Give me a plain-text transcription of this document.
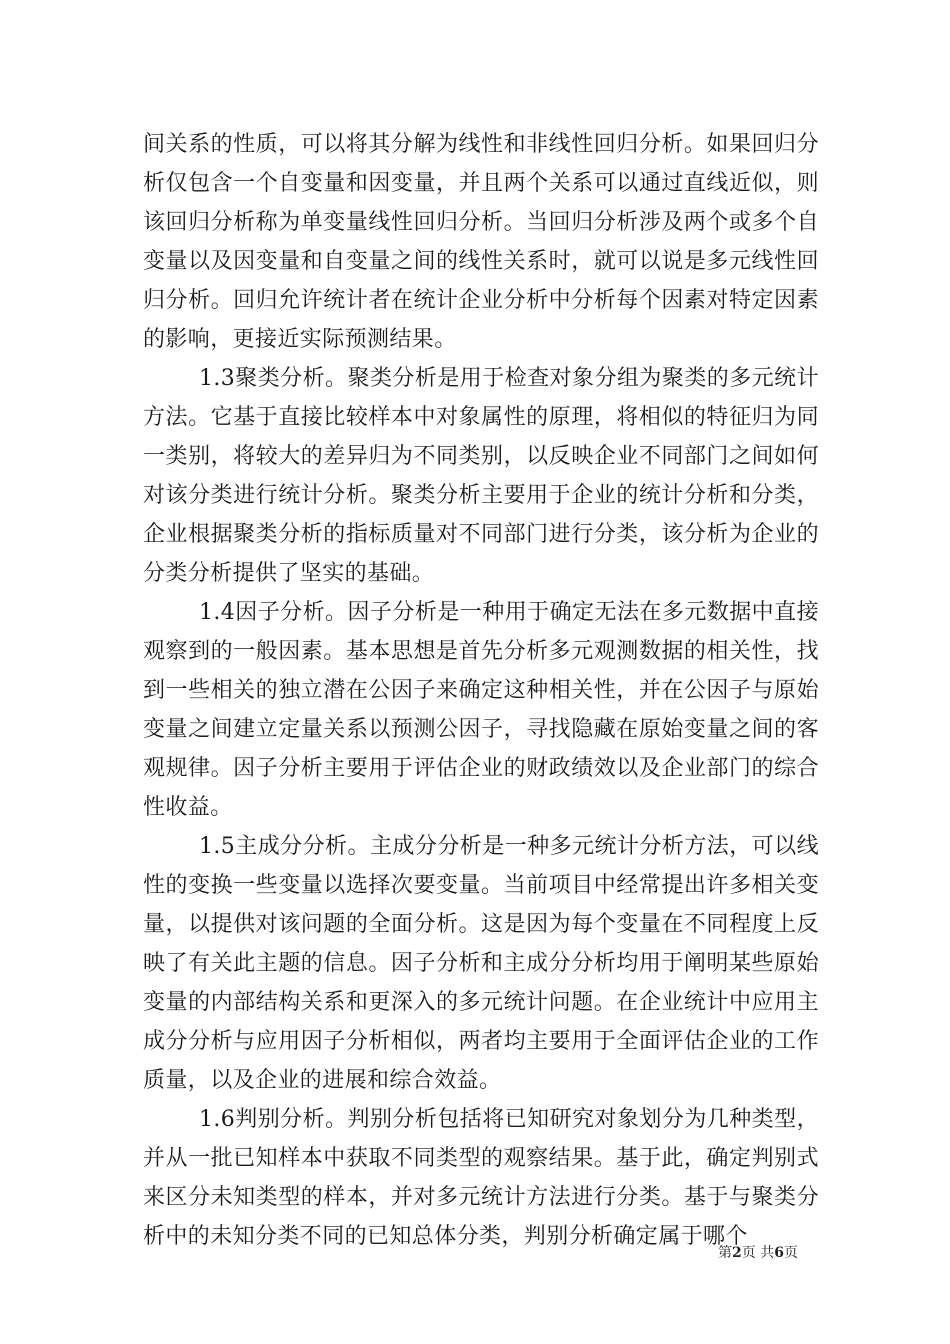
间关系的性质，可以将其分解为线性和非线性回归分析。如果回归分析仅包含一个自变量和因变量，并且两个关系可以通过直线近似，则该回归分析称为单变量线性回归分析。当回归分析涉及两个或多个自变量以及因变量和自变量之间的线性关系时，就可以说是多元线性回归分析。回归允许统计者在统计企业分析中分析每个因素对特定因素的影响，更接近实际预测结果。

1.3聚类分析。聚类分析是用于检查对象分组为聚类的多元统计方法。它基于直接比较样本中对象属性的原理，将相似的特征归为同一类别，将较大的差异归为不同类别，以反映企业不同部门之间如何对该分类进行统计分析。聚类分析主要用于企业的统计分析和分类，企业根据聚类分析的指标质量对不同部门进行分类，该分析为企业的分类分析提供了坚实的基础。

1.4因子分析。因子分析是一种用于确定无法在多元数据中直接观察到的一般因素。基本思想是首先分析多元观测数据的相关性，找到一些相关的独立潜在公因子来确定这种相关性，并在公因子与原始变量之间建立定量关系以预测公因子，寻找隐藏在原始变量之间的客观规律。因子分析主要用于评估企业的财政绩效以及企业部门的综合性收益。

1.5主成分分析。主成分分析是一种多元统计分析方法，可以线性的变换一些变量以选择次要变量。当前项目中经常提出许多相关变量，以提供对该问题的全面分析。这是因为每个变量在不同程度上反映了有关此主题的信息。因子分析和主成分分析均用于阐明某些原始变量的内部结构关系和更深入的多元统计问题。在企业统计中应用主成分分析与应用因子分析相似，两者均主要用于全面评估企业的工作质量，以及企业的进展和综合效益。

1.6判别分析。判别分析包括将已知研究对象划分为几种类型，并从一批已知样本中获取不同类型的观察结果。基于此，确定判别式来区分未知类型的样本，并对多元统计方法进行分类。基于与聚类分析中的未知分类不同的已知总体分类，判别分析确定属于哪个

第2页 共6页
